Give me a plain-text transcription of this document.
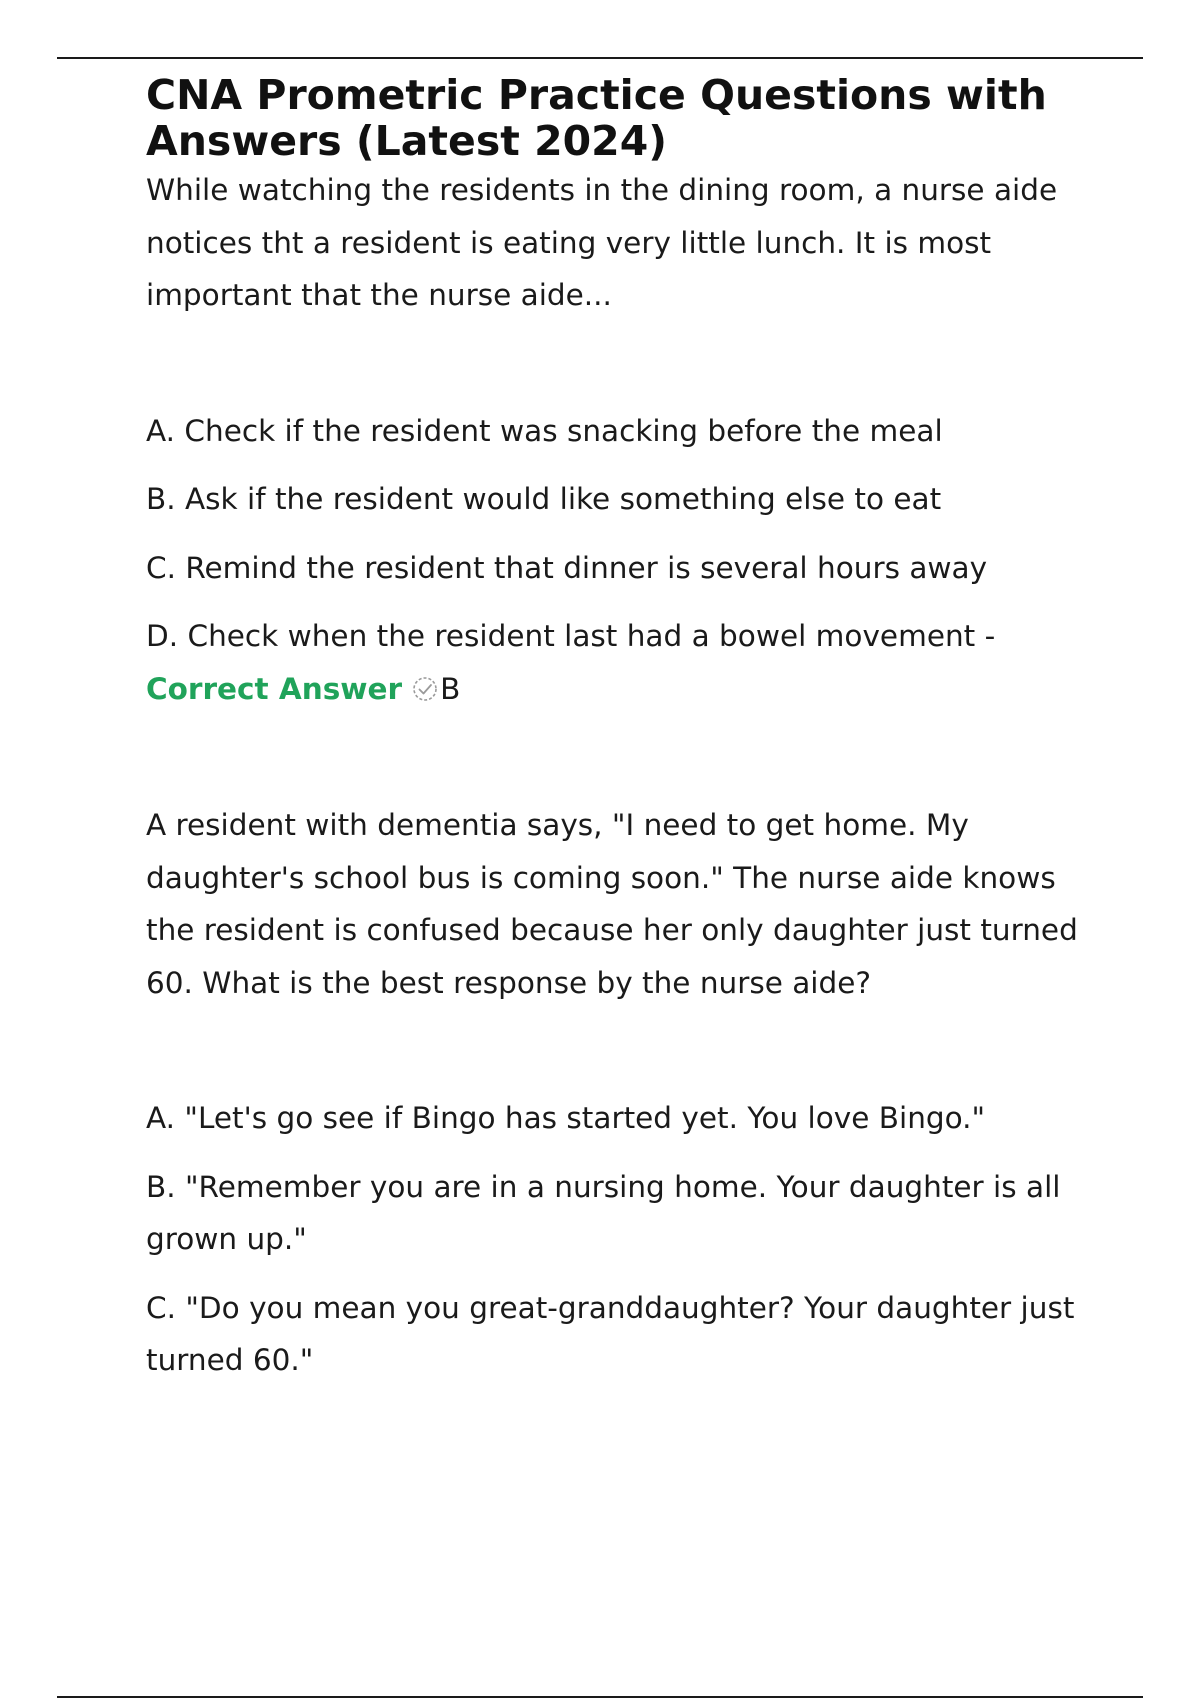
CNA Prometric Practice Questions with Answers (Latest 2024)

While watching the residents in the dining room, a nurse aide notices tht a resident is eating very little lunch. It is most important that the nurse aide...

A. Check if the resident was snacking before the meal

B. Ask if the resident would like something else to eat

C. Remind the resident that dinner is several hours away

D. Check when the resident last had a bowel movement -

Correct Answer B

A resident with dementia says, "I need to get home. My daughter's school bus is coming soon." The nurse aide knows the resident is confused because her only daughter just turned 60. What is the best response by the nurse aide?

A. "Let's go see if Bingo has started yet. You love Bingo."

B. "Remember you are in a nursing home. Your daughter is all grown up."

C. "Do you mean you great-granddaughter? Your daughter just turned 60."
